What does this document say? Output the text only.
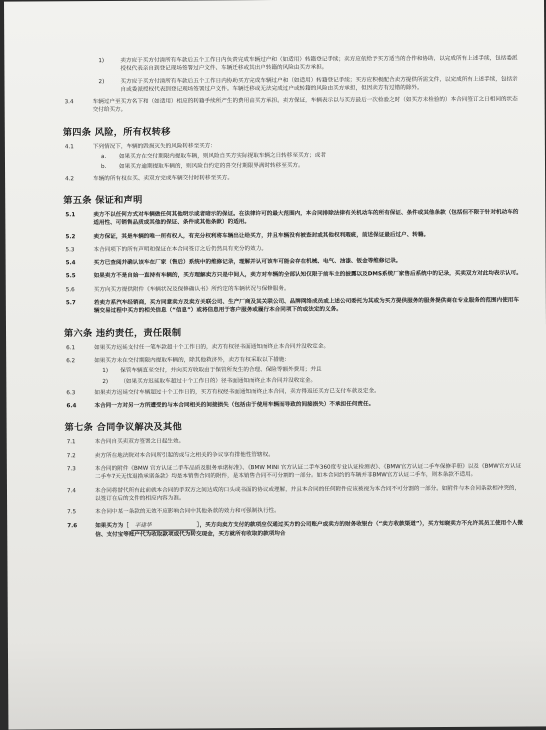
1)	卖方应于买方付清所有车款后五个工作日内负责完成车辆过户和（如适用）转籍登记手续；卖方应依给予买方适当的合作和协助，以完成所有上述手续，包括委派授权代表亲自到登记现场签署过户文件、车辆迁移或其出户转籍的风险由买方承担。
2)	买方应于买方付清所有车款后五个工作日内协助买方完成车辆过户和（如适用）转籍登记手续；买方应积极配合卖方提供所需文件，以完成所有上述手续，包括亲自或委派授权代表到登记现场签署过户文件。车辆迁移或无法完成过户或转籍的风险由买方承担，但因卖方有过错的除外。
3.4	车辆过户至买方名下和（如适用）相应的转籍手续所产生的费用由买方承担。卖方保证，车辆表示以与买方最后一次检验之时（如买方未检验的）本合同签订之日相同的状态交付给买方。
第四条 风险，所有权转移
4.1	下列情况下，车辆的毁损灭失的风险转移至买方：
a.	如果买方在交付期限内提取车辆，则风险自买方实际提取车辆之日转移至买方；或者
b.	如果买方逾期提取车辆的，则风险自约定的喜交付期限界满时转移至买方。
4.2	车辆的所有权在买、卖双方完成车辆交付时转移至买方。
第五条 保证和声明
5.1	卖方不以任何方式对车辆做任何其他明示或者暗示的保证。在法律许可的最大范围内，本合同排除法律有关机动车的所有保证、条件或其他条款（包括但不限于针对机动车的适用性、可销售品质或其他的保证、条件或其他条款）的适用。
5.2	卖方保证，其是车辆的唯一所有权人，有充分权利将车辆出让给买方，并且车辆没有被查封或其他权利瑕疵，前述保证最后过户、转籍。
5.3	本合同项下的所有声明和保证在本合同签订之后仍然具有充分的效力。
5.4	买方已查阅并确认该车在厂家（售后）系统中的维修记录，理解并认可该车可能会存在机械、电气、油漆、钣金等维修记录。
5.5	如果卖方不是自始一直持有车辆的，买方理解卖方只是中间人，卖方对车辆的全部认知仅限于前车主的披露以及DMS系统厂家售后系统中的记录，买卖双方对此均表示认可。
5.6	买方向买方提供附件《车辆状况及保修确认书》所约定的车辆状况与保修服务。
5.7	若卖方系汽车经销商，买方同意卖方及卖方关联公司、生产厂商及其关联公司、品牌网络成员或上述公司委托为其或为买方提供服务的服务提供商在专业服务的范围内使用车辆交易过程中买方的相关信息（“信息”）或将信息用于客户服务或履行本合同项下的或法定的义务。
第六条 违约责任，责任限制
6.1	如果买方迟延支付任一笔车款超十个工作日的，卖方有权径书面通知而终止本合同并没收定金。
6.2	如果买方未在交付期限内提取车辆的，除其他救济外，卖方有权采取以下措施：
1)	保管车辆直至交付，并向买方收取由于保管所发生的合理、保险等额外费用；并且
2)	（如果买方迟延取车超过十个工作日的）径书面通知而终止本合同并没收定金。
6.3	如果卖方迟延交付车辆超过十个工作日的，买方有权经书面通知而终止本合同，卖方得返还买方已支付车款及定金。
6.4	本合同一方对另一方所遭受的与本合同相关的间接损失（包括由于使用车辆而导致的间接损失）不承担任何责任。
第七条 合同争议解决及其他
7.1	本合同自买卖双方签署之日起生效。
7.2	卖方所在地法院对本合同所引起的或与之相关的争议享有排他性管辖权。
7.3	本合同的附件《BMW 官方认证二手车品质及服务承诺标准》、《BMW MINI 官方认证二手车360度专业认证检测表》、《BMW官方认证二手车保修手册》以及《BMW官方认证二手车7天无忧退换承诺条款》均是本销售合同的附件，是本销售合同不可分割的一部分。如本合同约的车辆并非BMW官方认证二手车，则本条款不适用。
7.4	本合同将替代所有此前就本合同的手双方之间达成的口头或书面的协议或理解，并且本合同的任何附件应该被视为本合同不可分割的一部分。如附件与本合同条款相冲突的，以签订在后的文件的相应内容为准。
7.5	本合同中某一条款的无效不应影响合同中其他条款的效力和可强制执行性。
7.6	如果买方为［ 平建华	］，买方向卖方支付的款项应仅通过买方的公司账户或卖方的财务收银台（“卖方收款渠道”），买方知晓卖方不允许其员工使用个人微信、支付宝等账户代为收取款项或代为转交现金，买方就所有收取的款项均合
